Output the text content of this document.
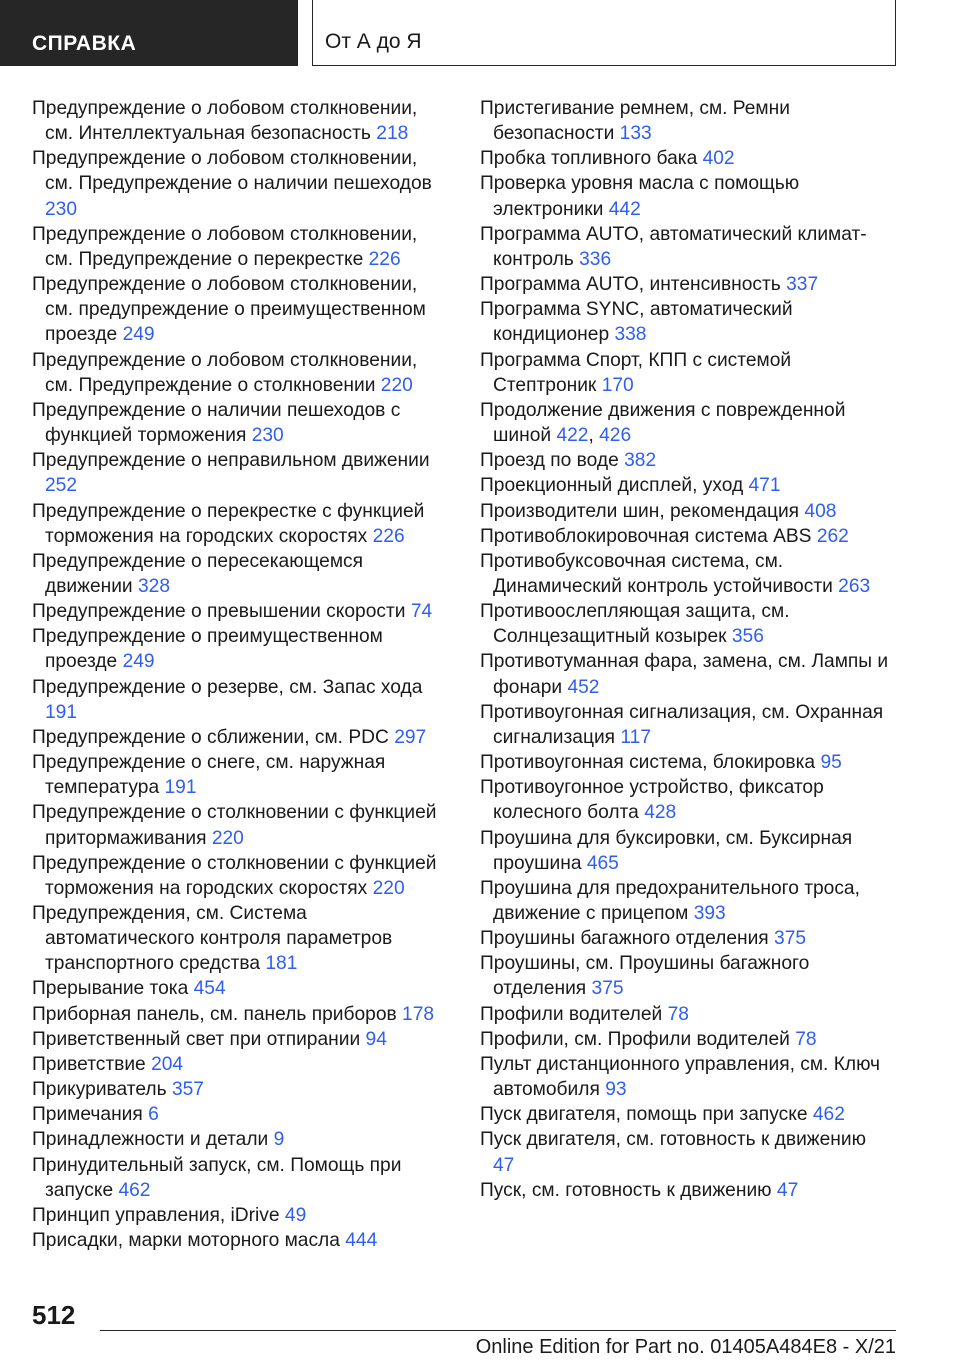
СПРАВКА	От А до Я
Предупреждение о лобовом столкновении, см. Интеллектуальная безопасность 218
Предупреждение о лобовом столкновении, см. Предупреждение о наличии пешеходов 230
Предупреждение о лобовом столкновении, см. Предупреждение о перекрестке 226
Предупреждение о лобовом столкновении, см. предупреждение о преимущественном проезде 249
Предупреждение о лобовом столкновении, см. Предупреждение о столкновении 220
Предупреждение о наличии пешеходов с функцией торможения 230
Предупреждение о неправильном движении 252
Предупреждение о перекрестке с функцией торможения на городских скоростях 226
Предупреждение о пересекающемся движении 328
Предупреждение о превышении скорости 74
Предупреждение о преимущественном проезде 249
Предупреждение о резерве, см. Запас хода 191
Предупреждение о сближении, см. PDC 297
Предупреждение о снеге, см. наружная температура 191
Предупреждение о столкновении с функцией притормаживания 220
Предупреждение о столкновении с функцией торможения на городских скоростях 220
Предупреждения, см. Система автоматического контроля параметров транспортного средства 181
Прерывание тока 454
Приборная панель, см. панель приборов 178
Приветственный свет при отпирании 94
Приветствие 204
Прикуриватель 357
Примечания 6
Принадлежности и детали 9
Принудительный запуск, см. Помощь при запуске 462
Принцип управления, iDrive 49
Присадки, марки моторного масла 444
Пристегивание ремнем, см. Ремни безопасности 133
Пробка топливного бака 402
Проверка уровня масла с помощью электроники 442
Программа AUTO, автоматический климат-контроль 336
Программа AUTO, интенсивность 337
Программа SYNC, автоматический кондиционер 338
Программа Спорт, КПП с системой Стептроник 170
Продолжение движения с поврежденной шиной 422, 426
Проезд по воде 382
Проекционный дисплей, уход 471
Производители шин, рекомендация 408
Противоблокировочная система ABS 262
Противобуксовочная система, см. Динамический контроль устойчивости 263
Противоослепляющая защита, см. Солнцезащитный козырек 356
Противотуманная фара, замена, см. Лампы и фонари 452
Противоугонная сигнализация, см. Охранная сигнализация 117
Противоугонная система, блокировка 95
Противоугонное устройство, фиксатор колесного болта 428
Проушина для буксировки, см. Буксирная проушина 465
Проушина для предохранительного троса, движение с прицепом 393
Проушины багажного отделения 375
Проушины, см. Проушины багажного отделения 375
Профили водителей 78
Профили, см. Профили водителей 78
Пульт дистанционного управления, см. Ключ автомобиля 93
Пуск двигателя, помощь при запуске 462
Пуск двигателя, см. готовность к движению 47
Пуск, см. готовность к движению 47
512
Online Edition for Part no. 01405A484E8 - X/21
